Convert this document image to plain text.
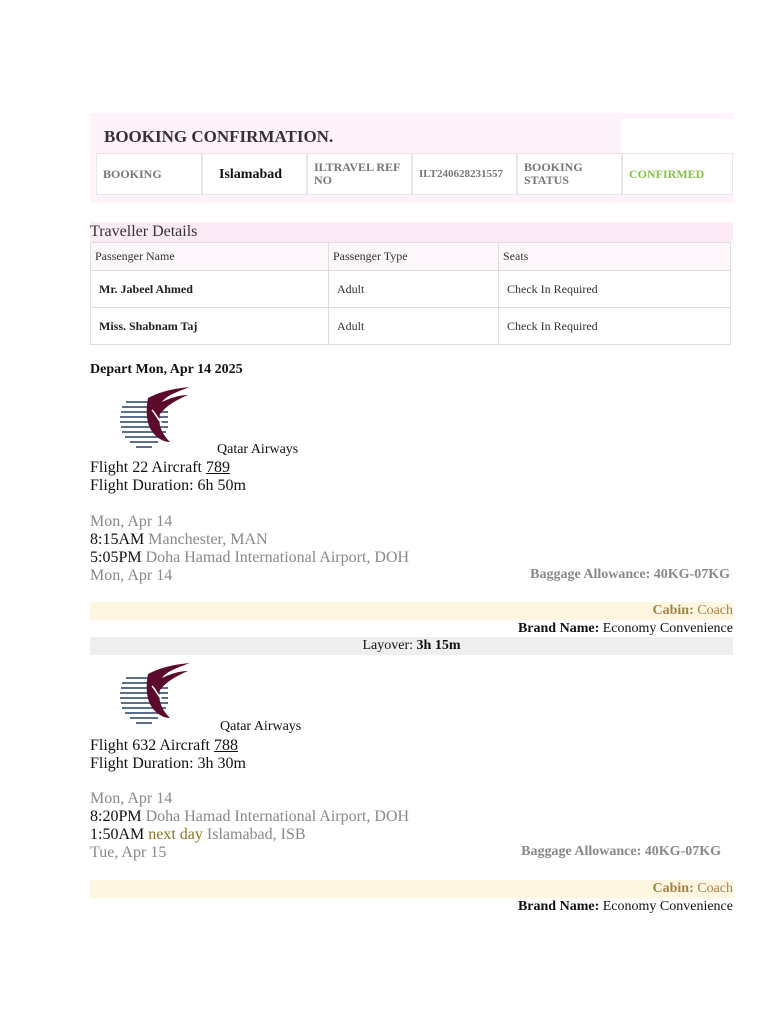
BOOKING CONFIRMATION.
BOOKING	Islamabad	ILTRAVEL REF NO	ILT240628231557	BOOKING STATUS	CONFIRMED
Traveller Details
Passenger Name	Passenger Type	Seats
Mr. Jabeel Ahmed	Adult	Check In Required
Miss. Shabnam Taj	Adult	Check In Required
Depart Mon, Apr 14 2025
Qatar Airways
Flight 22 Aircraft 789
Flight Duration: 6h 50m
Mon, Apr 14
8:15AM Manchester, MAN
5:05PM Doha Hamad International Airport, DOH
Mon, Apr 14	Baggage Allowance: 40KG-07KG
Cabin: Coach
Brand Name: Economy Convenience
Layover: 3h 15m
Qatar Airways
Flight 632 Aircraft 788
Flight Duration: 3h 30m
Mon, Apr 14
8:20PM Doha Hamad International Airport, DOH
1:50AM next day Islamabad, ISB
Tue, Apr 15	Baggage Allowance: 40KG-07KG
Cabin: Coach
Brand Name: Economy Convenience
